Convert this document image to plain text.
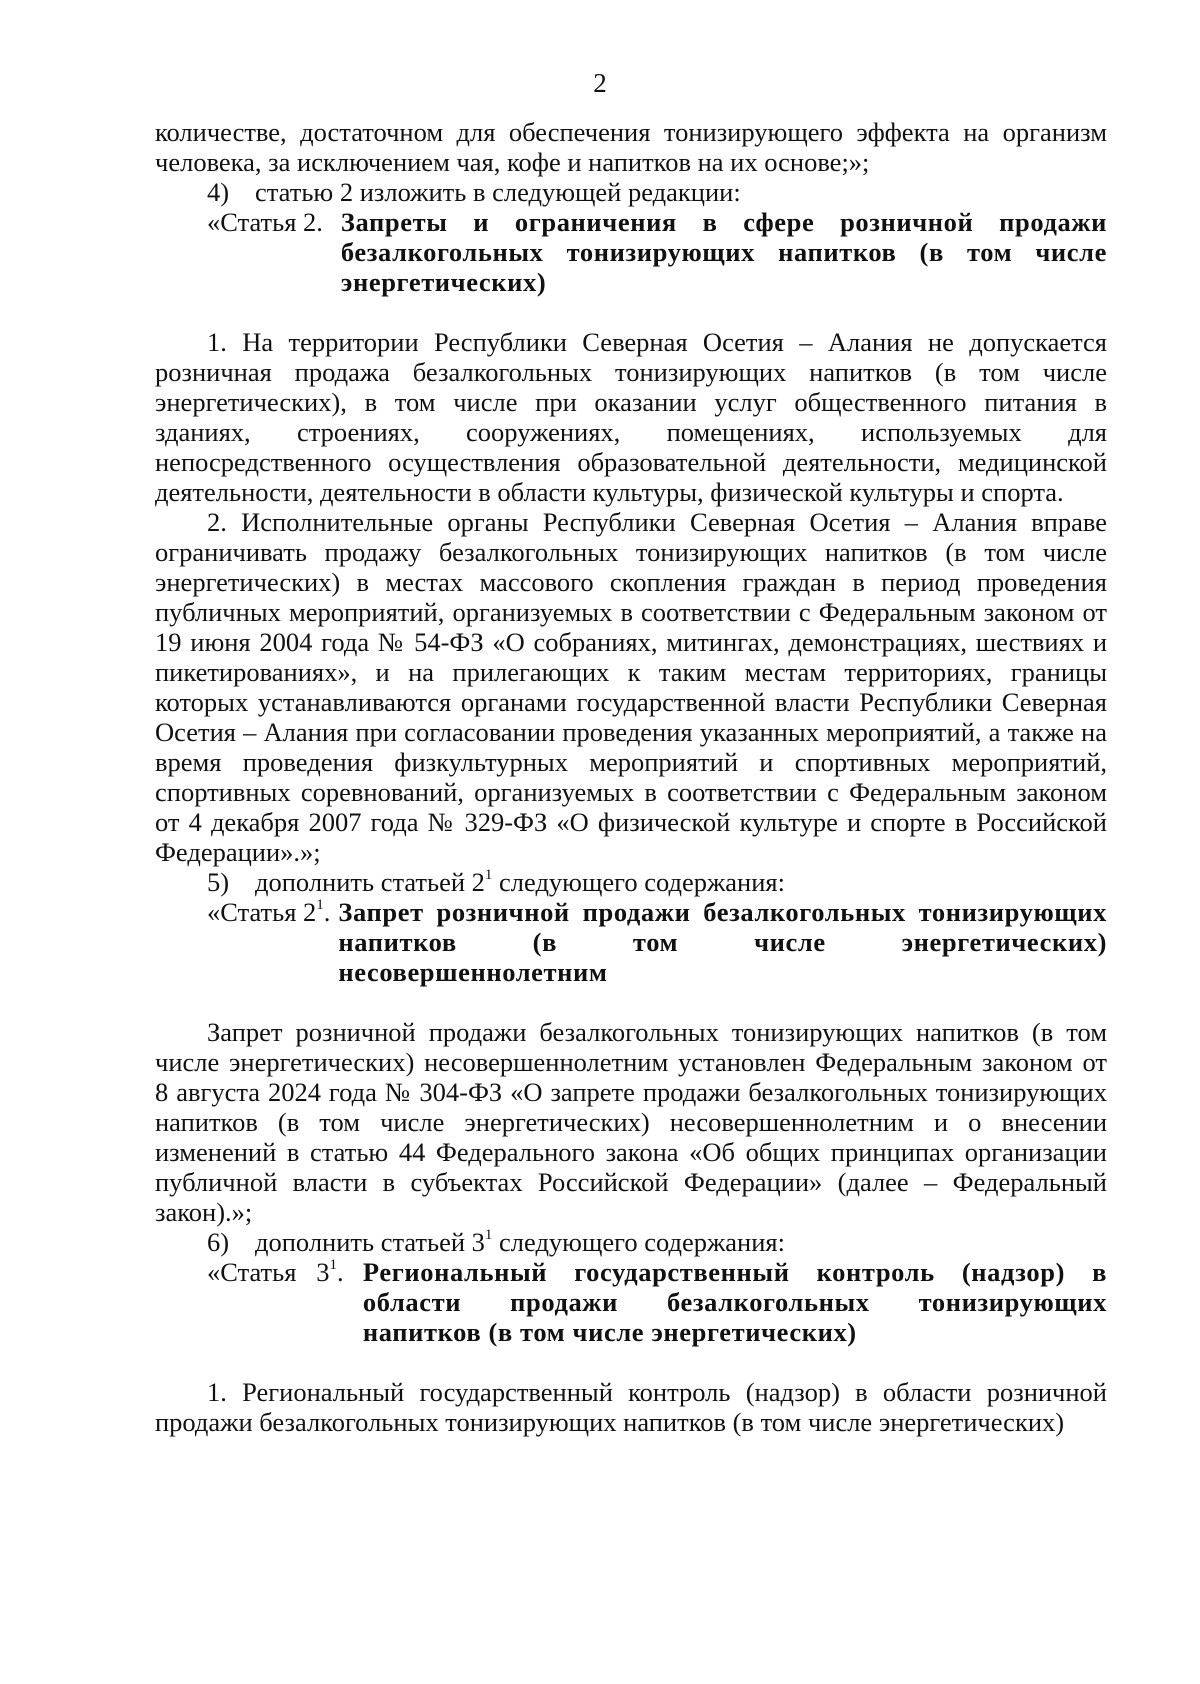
2

количестве, достаточном для обеспечения тонизирующего эффекта на организм человека, за исключением чая, кофе и напитков на их основе;»;

4) статью 2 изложить в следующей редакции:

«Статья 2. Запреты и ограничения в сфере розничной продажи безалкогольных тонизирующих напитков (в том числе энергетических)

1. На территории Республики Северная Осетия – Алания не допускается розничная продажа безалкогольных тонизирующих напитков (в том числе энергетических), в том числе при оказании услуг общественного питания в зданиях, строениях, сооружениях, помещениях, используемых для непосредственного осуществления образовательной деятельности, медицинской деятельности, деятельности в области культуры, физической культуры и спорта.

2. Исполнительные органы Республики Северная Осетия – Алания вправе ограничивать продажу безалкогольных тонизирующих напитков (в том числе энергетических) в местах массового скопления граждан в период проведения публичных мероприятий, организуемых в соответствии с Федеральным законом от 19 июня 2004 года № 54-ФЗ «О собраниях, митингах, демонстрациях, шествиях и пикетированиях», и на прилегающих к таким местам территориях, границы которых устанавливаются органами государственной власти Республики Северная Осетия – Алания при согласовании проведения указанных мероприятий, а также на время проведения физкультурных мероприятий и спортивных мероприятий, спортивных соревнований, организуемых в соответствии с Федеральным законом от 4 декабря 2007 года № 329-ФЗ «О физической культуре и спорте в Российской Федерации».»;

5) дополнить статьей $2^1$ следующего содержания:

«Статья $2^1$. Запрет розничной продажи безалкогольных тонизирующих напитков (в том числе энергетических) несовершеннолетним

Запрет розничной продажи безалкогольных тонизирующих напитков (в том числе энергетических) несовершеннолетним установлен Федеральным законом от 8 августа 2024 года № 304-ФЗ «О запрете продажи безалкогольных тонизирующих напитков (в том числе энергетических) несовершеннолетним и о внесении изменений в статью 44 Федерального закона «Об общих принципах организации публичной власти в субъектах Российской Федерации» (далее – Федеральный закон).»;

6) дополнить статьей $3^1$ следующего содержания:

«Статья   $3^1$. Региональный государственный контроль (надзор) в области продажи безалкогольных тонизирующих напитков (в том числе энергетических)

1. Региональный государственный контроль (надзор) в области розничной продажи безалкогольных тонизирующих напитков (в том числе энергетических)
